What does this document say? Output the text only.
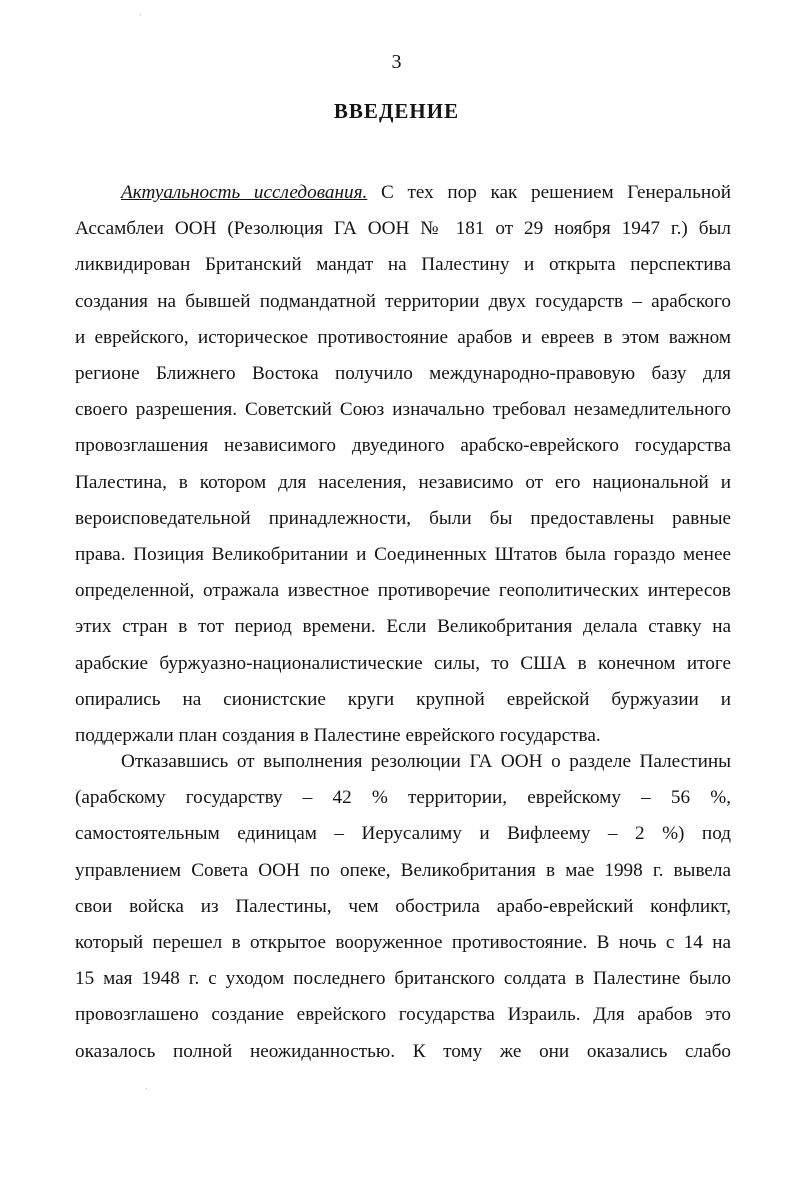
3
ВВЕДЕНИЕ

Актуальность исследования. С тех пор как решением Генеральной
Ассамблеи ООН (Резолюция ГА ООН № 181 от 29 ноября 1947 г.) был
ликвидирован Британский мандат на Палестину и открыта перспектива
создания на бывшей подмандатной территории двух государств – арабского
и еврейского, историческое противостояние арабов и евреев в этом важном
регионе Ближнего Востока получило международно-правовую базу для
своего разрешения. Советский Союз изначально требовал незамедлительного
провозглашения независимого двуединого арабско-еврейского государства
Палестина, в котором для населения, независимо от его национальной и
вероисповедательной принадлежности, были бы предоставлены равные
права. Позиция Великобритании и Соединенных Штатов была гораздо менее
определенной, отражала известное противоречие геополитических интересов
этих стран в тот период времени. Если Великобритания делала ставку на
арабские буржуазно-националистические силы, то США в конечном итоге
опирались на сионистские круги крупной еврейской буржуазии и
поддержали план создания в Палестине еврейского государства.

Отказавшись от выполнения резолюции ГА ООН о разделе Палестины
(арабскому государству – 42 % территории, еврейскому – 56 %,
самостоятельным единицам – Иерусалиму и Вифлеему – 2 %) под
управлением Совета ООН по опеке, Великобритания в мае 1998 г. вывела
свои войска из Палестины, чем обострила арабо-еврейский конфликт,
который перешел в открытое вооруженное противостояние. В ночь с 14 на
15 мая 1948 г. с уходом последнего британского солдата в Палестине было
провозглашено создание еврейского государства Израиль. Для арабов это
оказалось полной неожиданностью. К тому же они оказались слабо
